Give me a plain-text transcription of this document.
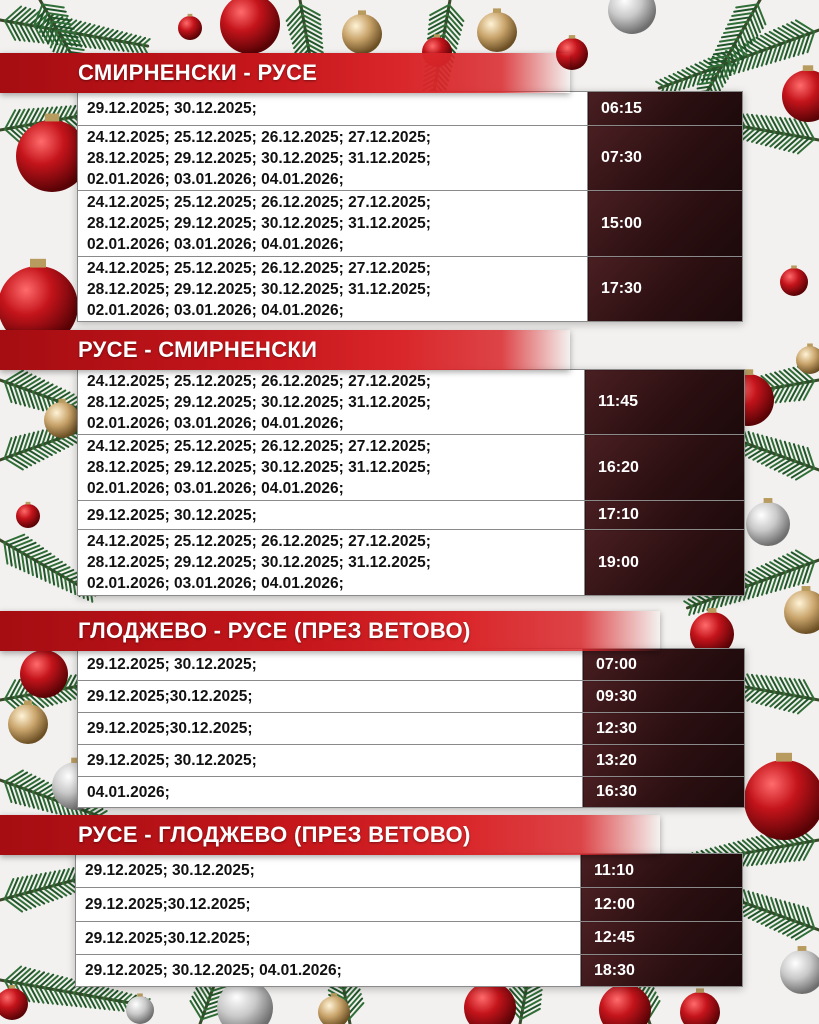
29.12.2025; 30.12.2025;	06:15

24.12.2025; 25.12.2025; 26.12.2025; 27.12.2025;
28.12.2025; 29.12.2025; 30.12.2025; 31.12.2025;
02.01.2026; 03.01.2026; 04.01.2026;	07:30

24.12.2025; 25.12.2025; 26.12.2025; 27.12.2025;
28.12.2025; 29.12.2025; 30.12.2025; 31.12.2025;
02.01.2026; 03.01.2026; 04.01.2026;	15:00

24.12.2025; 25.12.2025; 26.12.2025; 27.12.2025;
28.12.2025; 29.12.2025; 30.12.2025; 31.12.2025;
02.01.2026; 03.01.2026; 04.01.2026;	17:30
24.12.2025; 25.12.2025; 26.12.2025; 27.12.2025;
28.12.2025; 29.12.2025; 30.12.2025; 31.12.2025;
02.01.2026; 03.01.2026; 04.01.2026;	11:45

24.12.2025; 25.12.2025; 26.12.2025; 27.12.2025;
28.12.2025; 29.12.2025; 30.12.2025; 31.12.2025;
02.01.2026; 03.01.2026; 04.01.2026;	16:20

29.12.2025; 30.12.2025;	17:10

24.12.2025; 25.12.2025; 26.12.2025; 27.12.2025;
28.12.2025; 29.12.2025; 30.12.2025; 31.12.2025;
02.01.2026; 03.01.2026; 04.01.2026;	19:00
29.12.2025; 30.12.2025;	07:00

29.12.2025;30.12.2025;	09:30

29.12.2025;30.12.2025;	12:30

29.12.2025; 30.12.2025;	13:20

04.01.2026;	16:30
29.12.2025; 30.12.2025;	11:10

29.12.2025;30.12.2025;	12:00

29.12.2025;30.12.2025;	12:45

29.12.2025; 30.12.2025; 04.01.2026;	18:30
СМИРНЕНСКИ - РУСЕ
РУСЕ - СМИРНЕНСКИ
ГЛОДЖЕВО - РУСЕ (ПРЕЗ ВЕТОВО)
РУСЕ - ГЛОДЖЕВО (ПРЕЗ ВЕТОВО)
